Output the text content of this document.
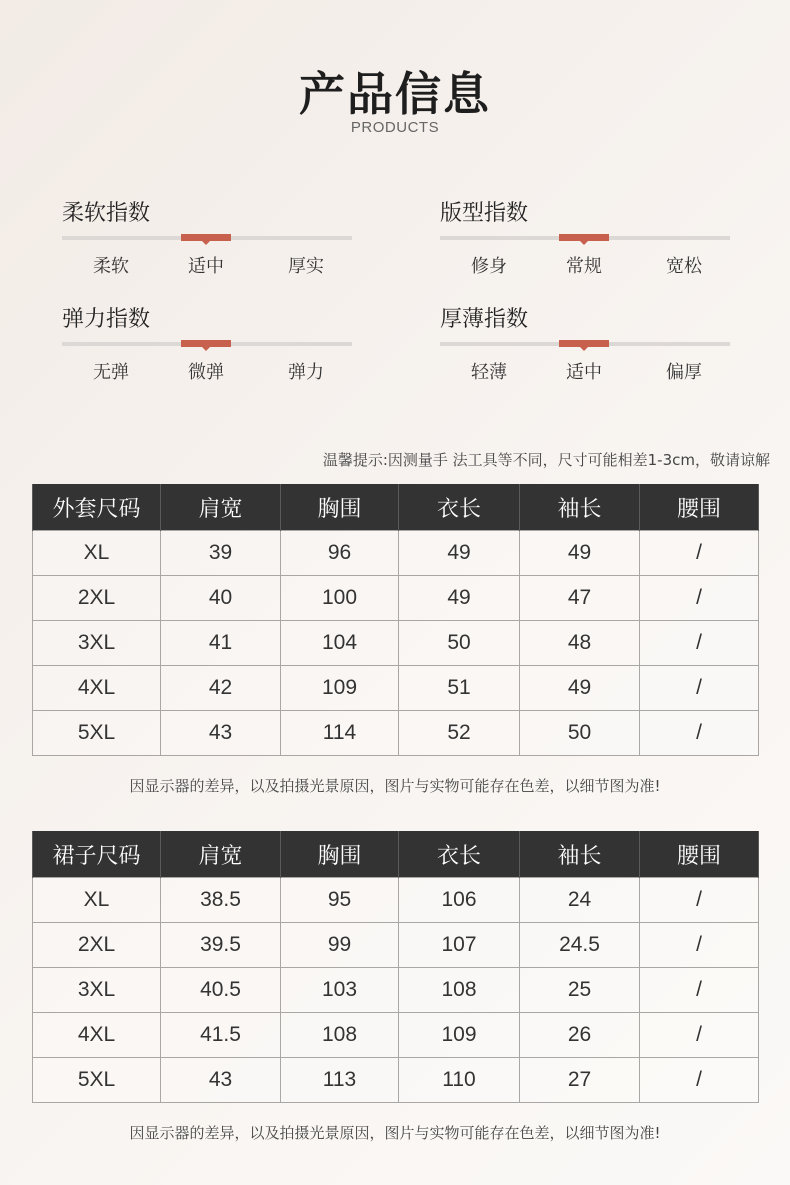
产品信息
PRODUCTS
柔软指数
柔软	适中	厚实
版型指数
修身	常规	宽松
弹力指数
无弹	微弹	弹力
厚薄指数
轻薄	适中	偏厚
温馨提示:因测量手 法工具等不同，尺寸可能相差1-3cm，敬请谅解
外套尺码	肩宽	胸围	衣长	袖长	腰围
XL	39	96	49	49	/
2XL	40	100	49	47	/
3XL	41	104	50	48	/
4XL	42	109	51	49	/
5XL	43	114	52	50	/
因显示器的差异，以及拍摄光景原因，图片与实物可能存在色差，以细节图为准!
裙子尺码	肩宽	胸围	衣长	袖长	腰围
XL	38.5	95	106	24	/
2XL	39.5	99	107	24.5	/
3XL	40.5	103	108	25	/
4XL	41.5	108	109	26	/
5XL	43	113	110	27	/
因显示器的差异，以及拍摄光景原因，图片与实物可能存在色差，以细节图为准!
